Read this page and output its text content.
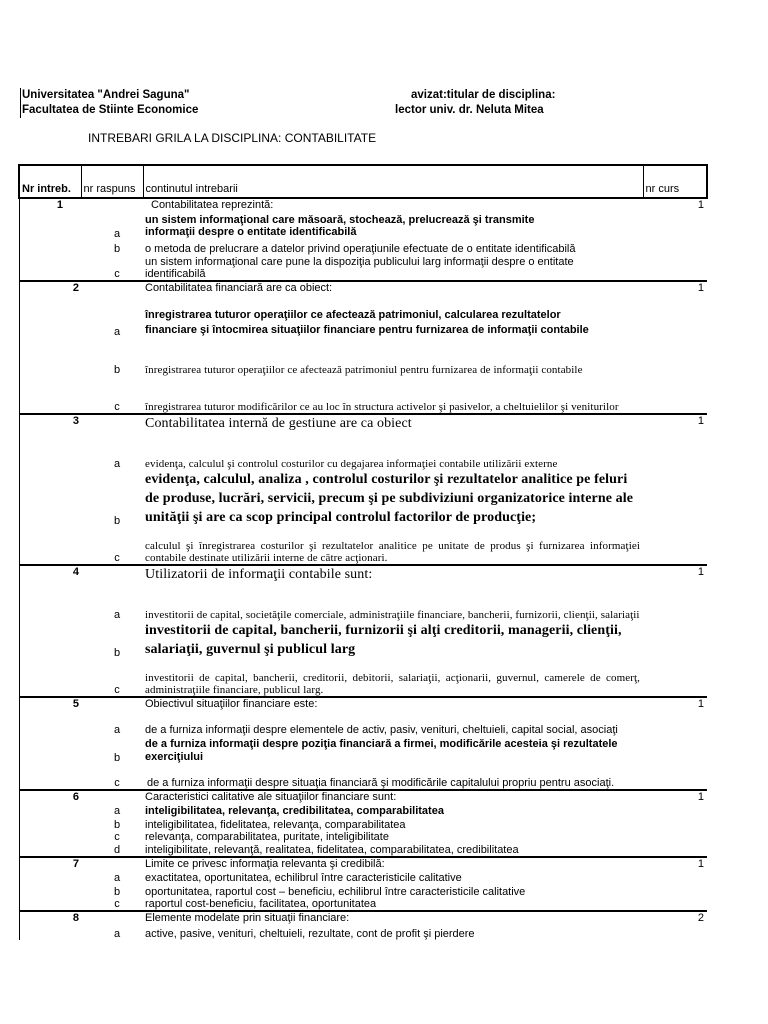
Universitatea "Andrei Saguna"
Facultatea de Stiinte Economice
avizat:titular de disciplina:
lector univ. dr. Neluta Mitea
INTREBARI GRILA LA DISCIPLINA: CONTABILITATE
Nr intreb.	nr raspuns	continutul intrebarii	nr curs
1		Contabilitatea reprezintă:	1
	a	un sistem informaţional care măsoară, stochează, prelucrează şi transmite informaţii despre o entitate identificabilă	
	b	o metoda de prelucrare a datelor privind operaţiunile efectuate de o entitate identificabilă	
	c	un sistem informaţional care pune la dispoziţia publicului larg informaţii despre o entitate identificabilă	
2		Contabilitatea financiară are ca obiect:	1
	a	înregistrarea tuturor operaţiilor ce afectează patrimoniul, calcularea rezultatelor financiare şi întocmirea situaţiilor financiare pentru furnizarea de informaţii contabile	
	b	înregistrarea tuturor operaţiilor ce afectează patrimoniul pentru furnizarea de informaţii contabile	
	c	înregistrarea tuturor modificărilor ce au loc în structura activelor şi pasivelor, a cheltuielilor şi veniturilor	
3		Contabilitatea internă de gestiune are ca obiect	1
	a	evidenţa, calculul şi controlul costurilor cu degajarea informaţiei contabile utilizării externe	
	b	evidenţa, calculul, analiza , controlul costurilor şi rezultatelor analitice pe feluri de produse, lucrări, servicii, precum şi pe subdiviziuni organizatorice interne ale unităţii şi are ca scop principal controlul factorilor de producţie;	
	c	calculul şi înregistrarea costurilor şi rezultatelor analitice pe unitate de produs şi furnizarea informaţiei contabile destinate utilizării interne de către acţionari.	
4		Utilizatorii de informaţii contabile sunt:	1
	a	investitorii de capital, societăţile comerciale, administraţiile financiare, bancherii, furnizorii, clienţii, salariaţii	
	b	investitorii de capital, bancherii, furnizorii şi alţi creditorii, managerii, clienţii, salariaţii, guvernul şi publicul larg	
	c	investitorii de capital, bancherii, creditorii, debitorii, salariaţii, acţionarii, guvernul, camerele de comerţ, administraţiile financiare, publicul larg.	
5		Obiectivul situaţiilor financiare este:	1
	a	de a furniza informaţii despre elementele de activ, pasiv, venituri, cheltuieli, capital social, asociaţi	
	b	de a furniza informaţii despre poziţia financiară a firmei, modificările acesteia şi rezultatele exerciţiului	
	c	de a furniza informaţii despre situaţia financiară şi modificările capitalului propriu pentru asociaţi.	
6		Caracteristici calitative ale situaţiilor financiare sunt:	1
	a	inteligibilitatea, relevanţa, credibilitatea, comparabilitatea	
	b	inteligibilitatea, fidelitatea, relevanţa, comparabilitatea	
	c	relevanţa, comparabilitatea, puritate, inteligibilitate	
	d	inteligibilitate, relevanţă, realitatea, fidelitatea, comparabilitatea, credibilitatea	
7		Limite ce privesc informaţia relevanta şi credibilă:	1
	a	exactitatea, oportunitatea, echilibrul între caracteristicile calitative	
	b	oportunitatea, raportul cost – beneficiu, echilibrul între caracteristicile calitative	
	c	raportul cost-beneficiu, facilitatea, oportunitatea	
8		Elemente modelate prin situaţii financiare:	2
	a	active, pasive, venituri, cheltuieli, rezultate, cont de profit şi pierdere	
